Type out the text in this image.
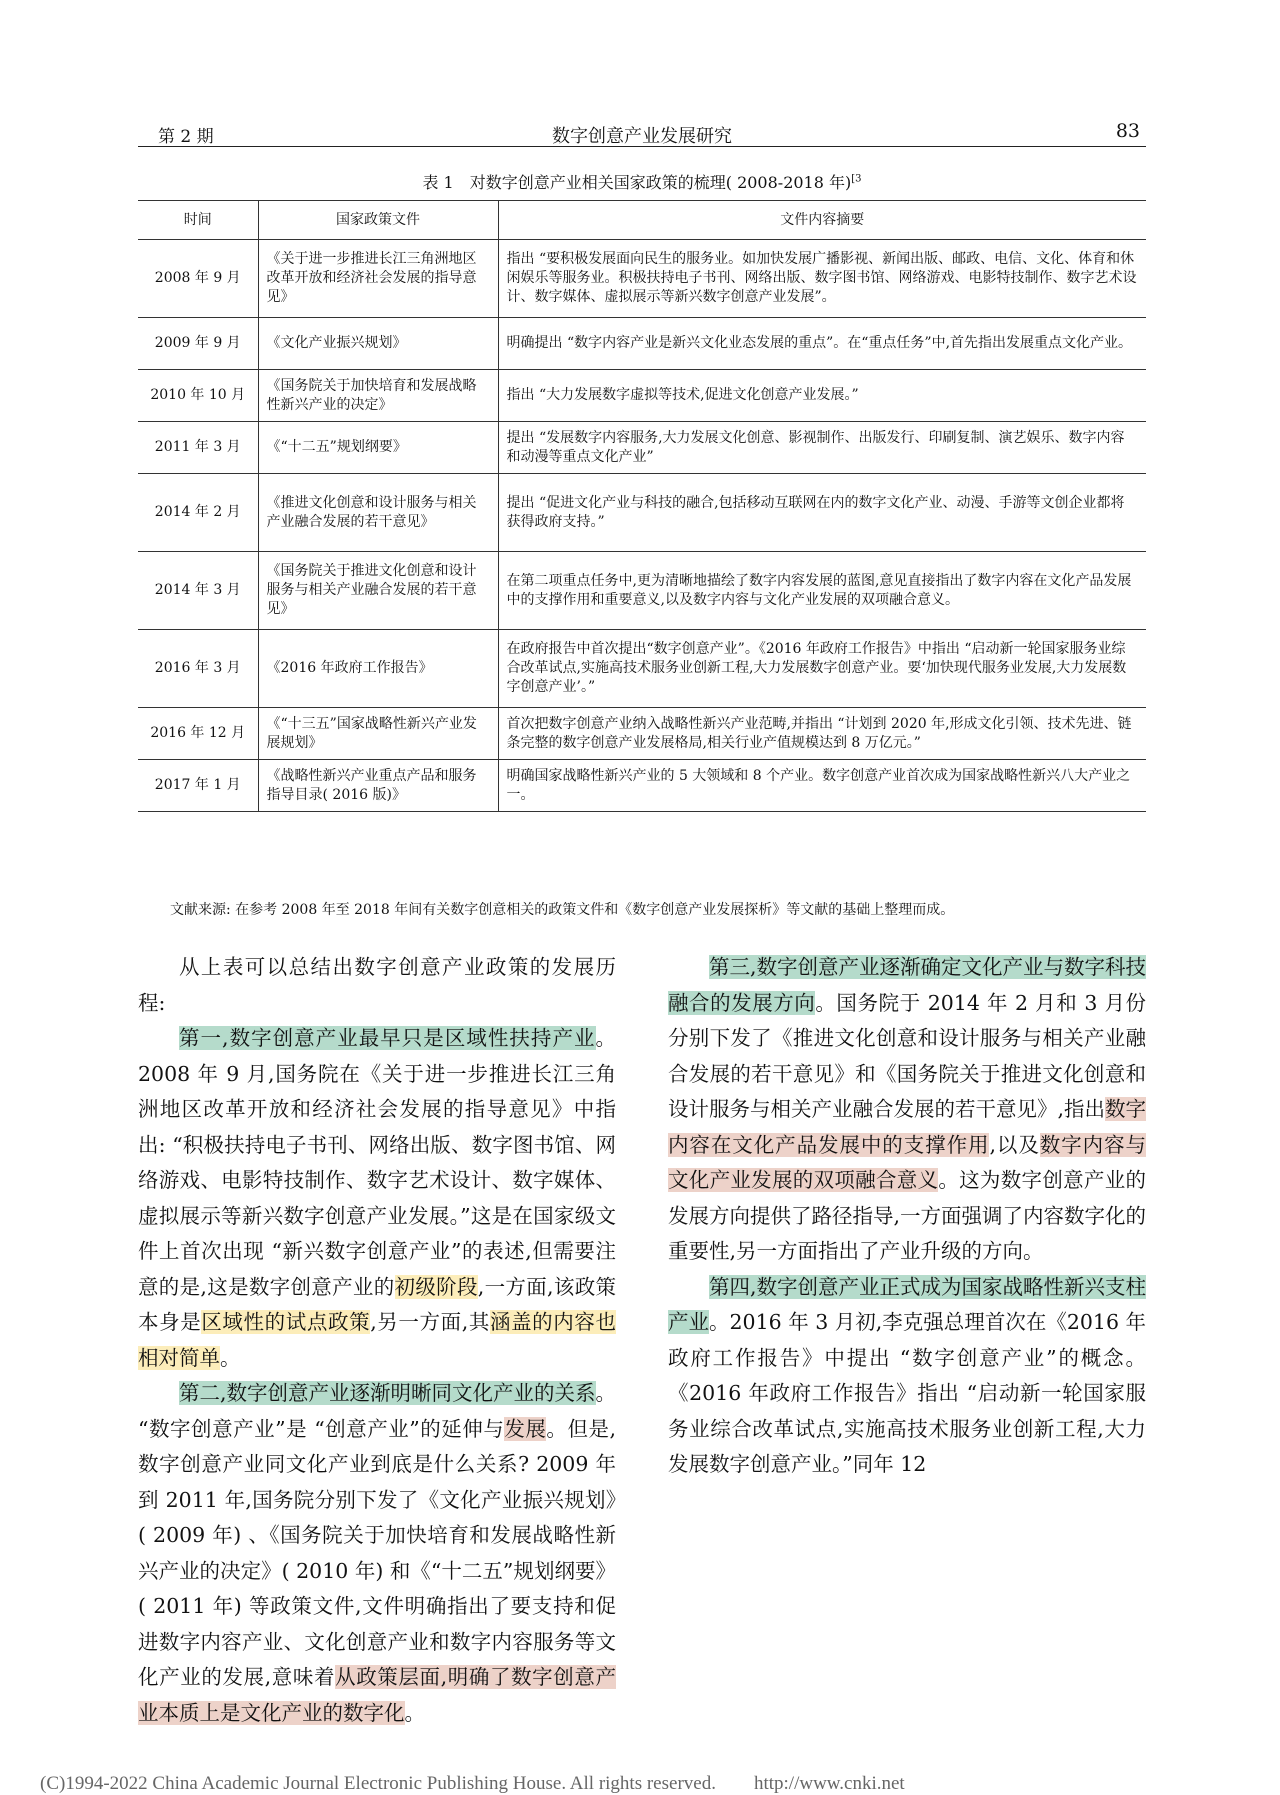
第 2 期	数字创意产业发展研究	83
表 1　对数字创意产业相关国家政策的梳理( 2008-2018 年)$^{[3}$
时间	国家政策文件	文件内容摘要
2008 年 9 月	《关于进一步推进长江三角洲地区改革开放和经济社会发展的指导意见》	指出 “要积极发展面向民生的服务业。如加快发展广播影视、新闻出版、邮政、电信、文化、体育和休闲娱乐等服务业。积极扶持电子书刊、网络出版、数字图书馆、网络游戏、电影特技制作、数字艺术设计、数字媒体、虚拟展示等新兴数字创意产业发展”。
2009 年 9 月	《文化产业振兴规划》	明确提出 “数字内容产业是新兴文化业态发展的重点”。在“重点任务”中,首先指出发展重点文化产业。
2010 年 10 月	《国务院关于加快培育和发展战略性新兴产业的决定》	指出 “大力发展数字虚拟等技术,促进文化创意产业发展。”
2011 年 3 月	《“十二五”规划纲要》	提出 “发展数字内容服务,大力发展文化创意、影视制作、出版发行、印刷复制、演艺娱乐、数字内容和动漫等重点文化产业”
2014 年 2 月	《推进文化创意和设计服务与相关产业融合发展的若干意见》	提出 “促进文化产业与科技的融合,包括移动互联网在内的数字文化产业、动漫、手游等文创企业都将获得政府支持。”
2014 年 3 月	《国务院关于推进文化创意和设计服务与相关产业融合发展的若干意见》	在第二项重点任务中,更为清晰地描绘了数字内容发展的蓝图,意见直接指出了数字内容在文化产品发展中的支撑作用和重要意义,以及数字内容与文化产业发展的双项融合意义。
2016 年 3 月	《2016 年政府工作报告》	在政府报告中首次提出“数字创意产业”。《2016 年政府工作报告》中指出 “启动新一轮国家服务业综合改革试点,实施高技术服务业创新工程,大力发展数字创意产业。要‘加快现代服务业发展,大力发展数字创意产业’。”
2016 年 12 月	《“十三五”国家战略性新兴产业发展规划》	首次把数字创意产业纳入战略性新兴产业范畴,并指出 “计划到 2020 年,形成文化引领、技术先进、链条完整的数字创意产业发展格局,相关行业产值规模达到 8 万亿元。”
2017 年 1 月	《战略性新兴产业重点产品和服务指导目录( 2016 版)》	明确国家战略性新兴产业的 5 大领域和 8 个产业。数字创意产业首次成为国家战略性新兴八大产业之一。
文献来源: 在参考 2008 年至 2018 年间有关数字创意相关的政策文件和《数字创意产业发展探析》等文献的基础上整理而成。
(C)1994-2022 China Academic Journal Electronic Publishing House. All rights reserved.　　http://www.cnki.net

从上表可以总结出数字创意产业政策的发展历程:

第一,数字创意产业最早只是区域性扶持产业。2008 年 9 月,国务院在《关于进一步推进长江三角洲地区改革开放和经济社会发展的指导意见》中指出: “积极扶持电子书刊、网络出版、数字图书馆、网络游戏、电影特技制作、数字艺术设计、数字媒体、虚拟展示等新兴数字创意产业发展。”这是在国家级文件上首次出现 “新兴数字创意产业”的表述,但需要注意的是,这是数字创意产业的初级阶段,一方面,该政策本身是区域性的试点政策,另一方面,其涵盖的内容也相对简单。

第二,数字创意产业逐渐明晰同文化产业的关系。 “数字创意产业”是 “创意产业”的延伸与发展。但是,数字创意产业同文化产业到底是什么关系? 2009 年到 2011 年,国务院分别下发了《文化产业振兴规划》( 2009 年) 、《国务院关于加快培育和发展战略性新兴产业的决定》( 2010 年) 和《“十二五”规划纲要》( 2011 年) 等政策文件,文件明确指出了要支持和促进数字内容产业、文化创意产业和数字内容服务等文化产业的发展,意味着从政策层面,明确了数字创意产业本质上是文化产业的数字化。

第三,数字创意产业逐渐确定文化产业与数字科技融合的发展方向。国务院于 2014 年 2 月和 3 月份分别下发了《推进文化创意和设计服务与相关产业融合发展的若干意见》和《国务院关于推进文化创意和设计服务与相关产业融合发展的若干意见》,指出数字内容在文化产品发展中的支撑作用,以及数字内容与文化产业发展的双项融合意义。这为数字创意产业的发展方向提供了路径指导,一方面强调了内容数字化的重要性,另一方面指出了产业升级的方向。

第四,数字创意产业正式成为国家战略性新兴支柱产业。2016 年 3 月初,李克强总理首次在《2016 年政府工作报告》中提出 “数字创意产业”的概念。《2016 年政府工作报告》指出 “启动新一轮国家服务业综合改革试点,实施高技术服务业创新工程,大力发展数字创意产业。”同年 12
